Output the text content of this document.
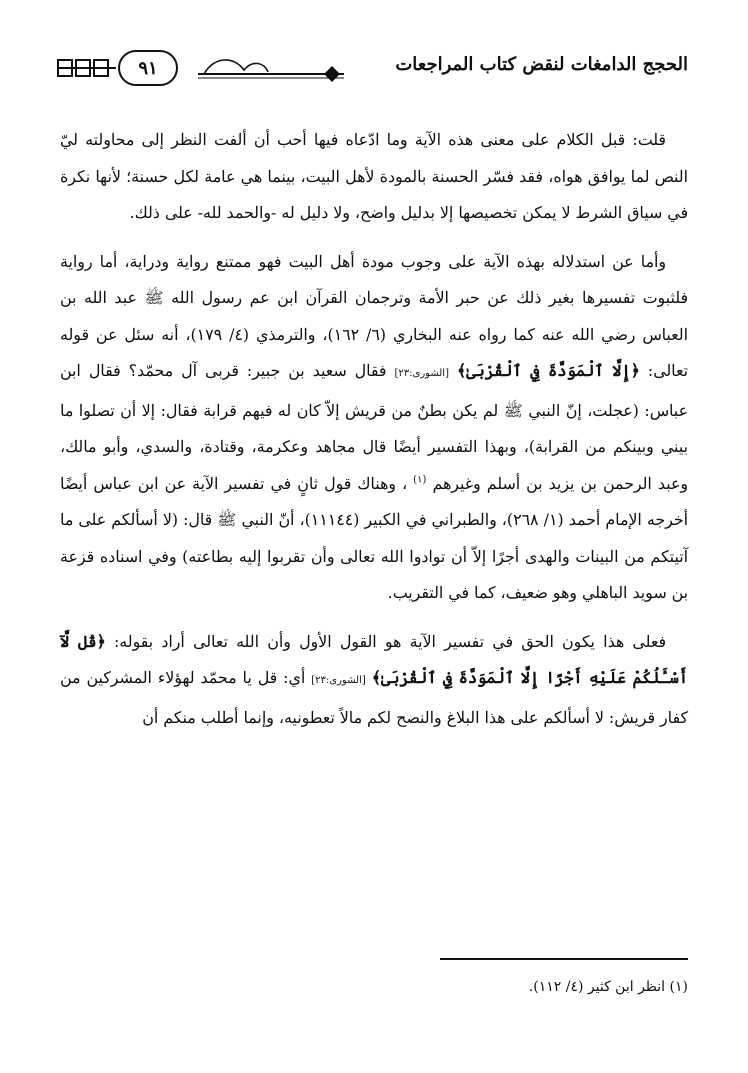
الحجج الدامغات لنقض كتاب المراجعات
٩١

قلت: قبل الكلام على معنى هذه الآية وما ادّعاه فيها أحب أن ألفت النظر إلى محاولته ليّ النص لما يوافق هواه، فقد فسّر الحسنة بالمودة لأهل البيت، بينما هي عامة لكل حسنة؛ لأنها نكرة في سياق الشرط لا يمكن تخصيصها إلا بدليل واضح، ولا دليل له -والحمد لله- على ذلك.

وأما عن استدلاله بهذه الآية على وجوب مودة أهل البيت فهو ممتنع رواية ودراية، أما رواية فلثبوت تفسيرها بغير ذلك عن حبر الأمة وترجمان القرآن ابن عم رسول الله ﷺ عبد الله بن العباس رضي الله عنه كما رواه عنه البخاري (٦/ ١٦٢)، والترمذي (٤/ ١٧٩)، أنه سئل عن قوله تعالى: ﴿إِلَّا ٱلْمَوَدَّةَ فِي ٱلْقُرْبَىٰ﴾ [الشورى:٢٣] فقال سعيد بن جبير: قربى آل محمّد؟ فقال ابن عباس: (عجلت، إنّ النبي ﷺ لم يكن بطنٌ من قريش إلاّ كان له فيهم قرابة فقال: إلا أن تصلوا ما بيني وبينكم من القرابة)، وبهذا التفسير أيضًا قال مجاهد وعكرمة، وقتادة، والسدي، وأبو مالك، وعبد الرحمن بن يزيد بن أسلم وغيرهم $^{(١)}$ ، وهناك قول ثانٍ في تفسير الآية عن ابن عباس أيضًا أخرجه الإمام أحمد (١/ ٢٦٨)، والطبراني في الكبير (١١١٤٤)، أنّ النبي ﷺ قال: (لا أسألكم على ما آتيتكم من البينات والهدى أجرًا إلاّ أن توادوا الله تعالى وأن تقربوا إليه بطاعته) وفي اسناده قزعة بن سويد الباهلي وهو ضعيف، كما في التقريب.

فعلى هذا يكون الحق في تفسير الآية هو القول الأول وأن الله تعالى أراد بقوله: ﴿قُل لَّآ أَسْـَٔلُكُمْ عَلَيْهِ أَجْرًا إِلَّا ٱلْمَوَدَّةَ فِي ٱلْقُرْبَىٰ﴾ [الشورى:٢٣] أي: قل يا محمّد لهؤلاء المشركين من كفار قريش: لا أسألكم على هذا البلاغ والنصح لكم مالاً تعطونيه، وإنما أطلب منكم أن

(١) انظر ابن كثير (٤/ ١١٢).
